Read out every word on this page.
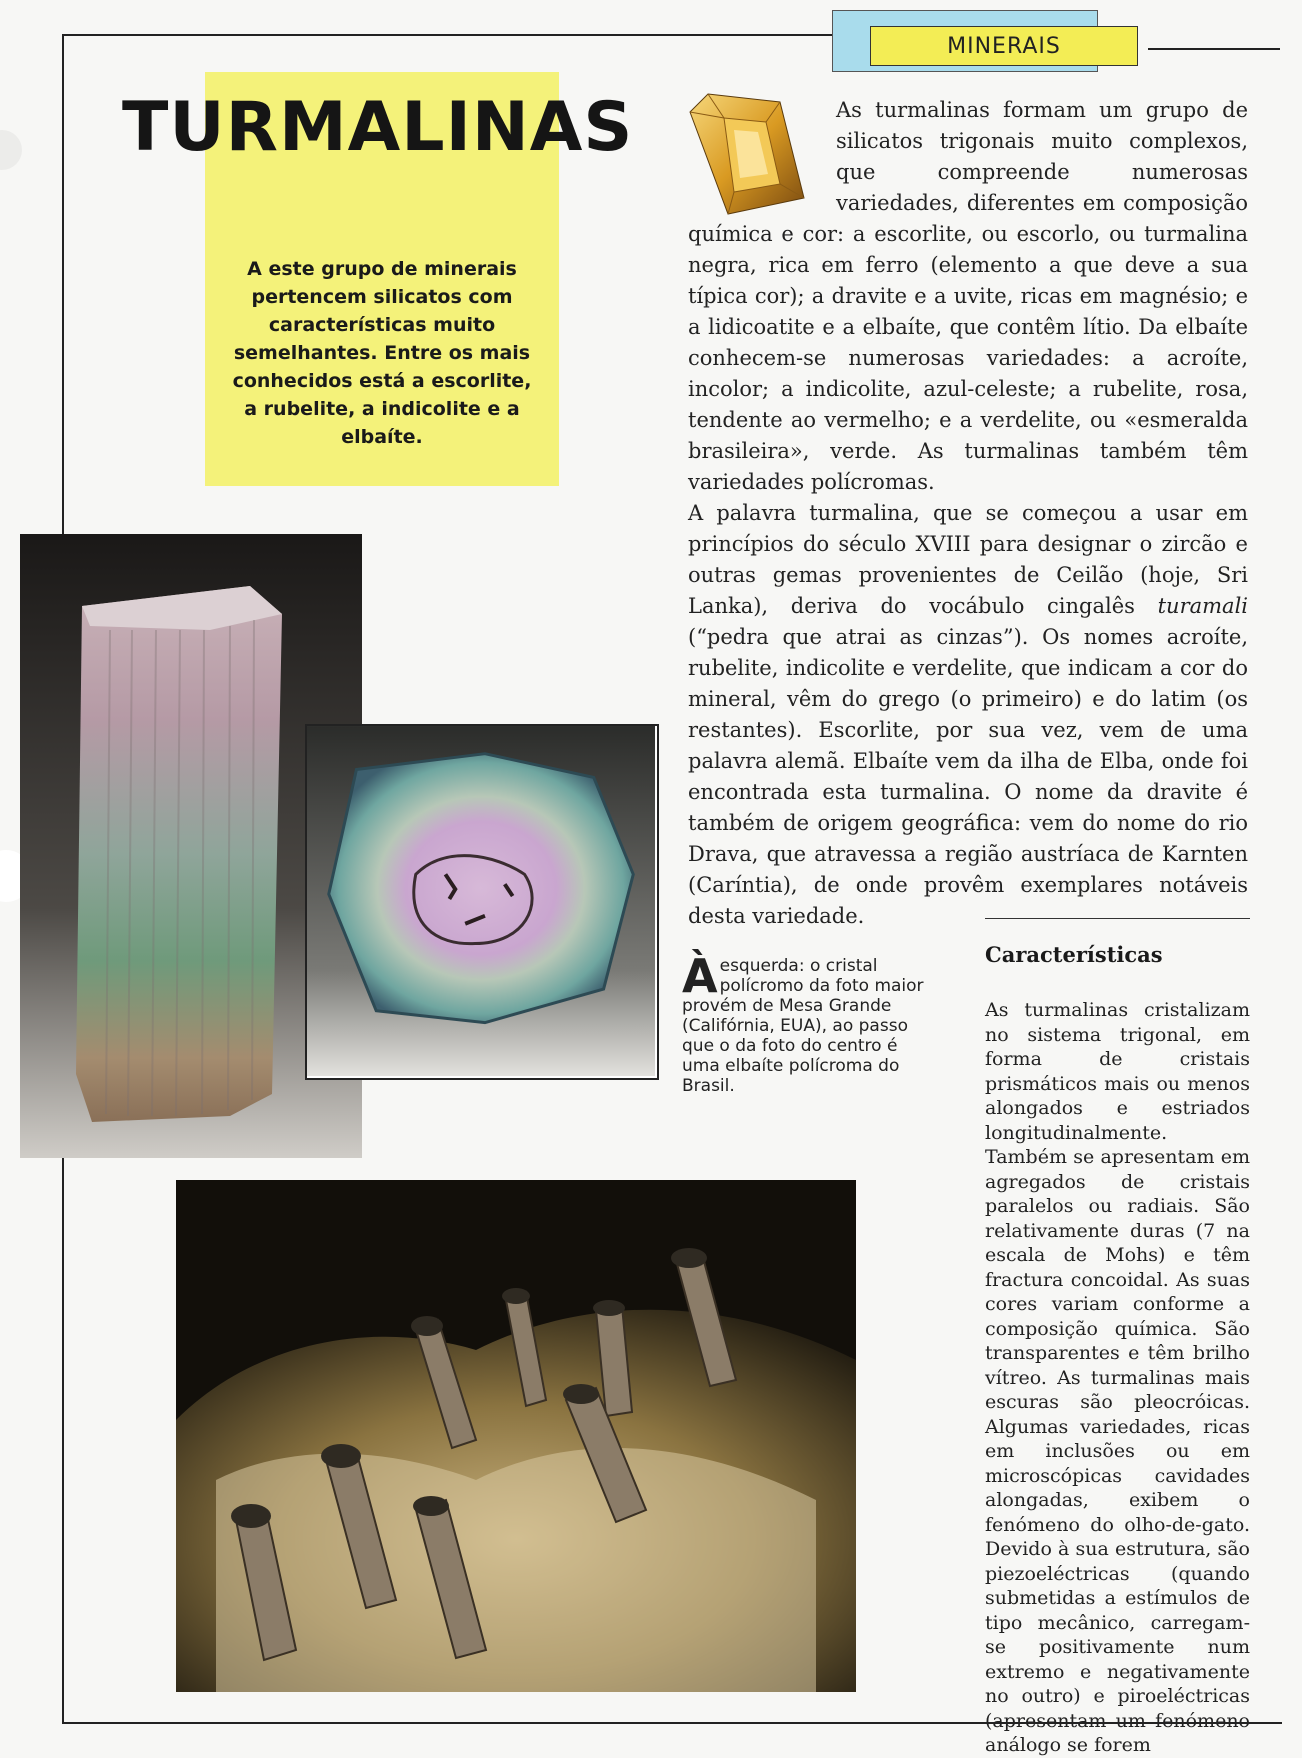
MINERAIS
TURMALINAS
A este grupo de minerais pertencem silicatos com características muito semelhantes. Entre os mais conhecidos está a escorlite, a rubelite, a indicolite e a elbaíte.

As turmalinas formam um grupo de silicatos trigonais muito complexos, que compreende numerosas variedades, diferentes em composição química e cor: a escorlite, ou escorlo, ou turmalina negra, rica em ferro (elemento a que deve a sua típica cor); a dravite e a uvite, ricas em magnésio; e a lidicoatite e a elbaíte, que contêm lítio. Da elbaíte conhecem-se numerosas variedades: a acroíte, incolor; a indicolite, azul-celeste; a rubelite, rosa, tendente ao vermelho; e a verdelite, ou «esmeralda brasileira», verde. As turmalinas também têm variedades polícromas.

A palavra turmalina, que se começou a usar em princípios do século XVIII para designar o zircão e outras gemas provenientes de Ceilão (hoje, Sri Lanka), deriva do vocábulo cingalês turamali (“pedra que atrai as cinzas”). Os nomes acroíte, rubelite, indicolite e verdelite, que indicam a cor do mineral, vêm do grego (o primeiro) e do latim (os restantes). Escorlite, por sua vez, vem de uma palavra alemã. Elbaíte vem da ilha de Elba, onde foi encontrada esta turmalina. O nome da dravite é também de origem geográfica: vem do nome do rio Drava, que atravessa a região austríaca de Karnten (Caríntia), de onde provêm exemplares notáveis desta variedade.

Àesquerda: o cristal polícromo da foto maior provém de Mesa Grande (Califórnia, EUA), ao passo que o da foto do centro é uma elbaíte polícroma do Brasil.
Características
As turmalinas cristalizam no sistema trigonal, em forma de cristais prismáticos mais ou menos alongados e estriados longitudinalmente. Também se apresentam em agregados de cristais paralelos ou radiais. São relativamente duras (7 na escala de Mohs) e têm fractura concoidal. As suas cores variam conforme a composição química. São transparentes e têm brilho vítreo. As turmalinas mais escuras são pleocróicas. Algumas variedades, ricas em inclusões ou em microscópicas cavidades alongadas, exibem o fenómeno do olho-de-gato. Devido à sua estrutura, são piezoeléctricas (quando submetidas a estímulos de tipo mecânico, carregam-se positivamente num extremo e negativamente no outro) e piroeléctricas (apresentam um fenómeno análogo se forem
